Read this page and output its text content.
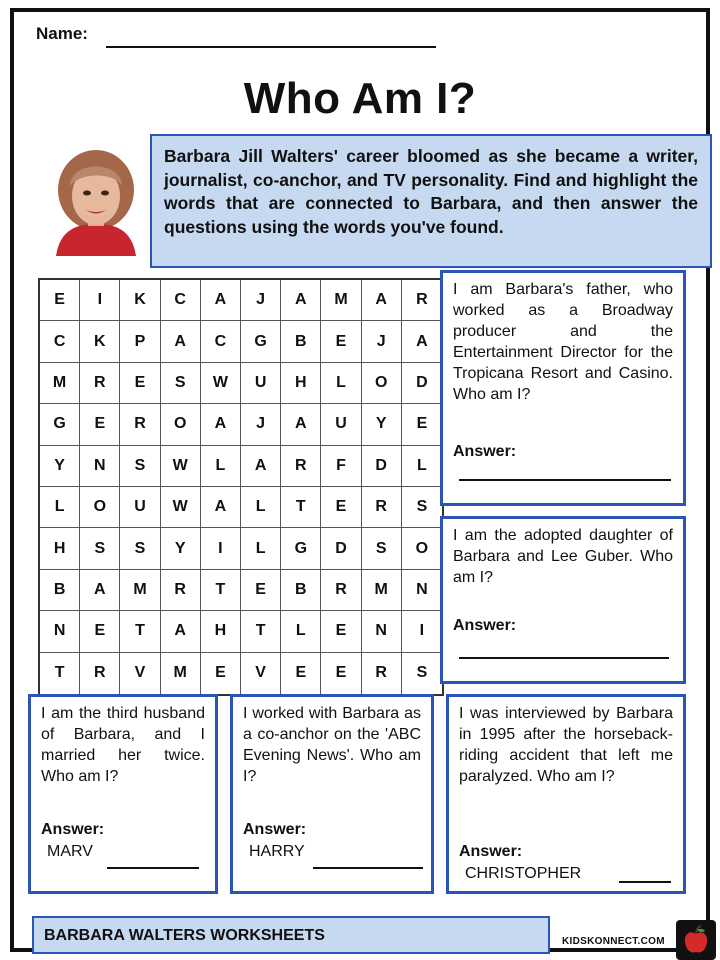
Name:
Who Am I?
Barbara Jill Walters' career bloomed as she became a writer, journalist, co-anchor, and TV personality. Find and highlight the words that are connected to Barbara, and then answer the questions using the words you've found.
E	I	K	C	A	J	A	M	A	R
C	K	P	A	C	G	B	E	J	A
M	R	E	S	W	U	H	L	O	D
G	E	R	O	A	J	A	U	Y	E
Y	N	S	W	L	A	R	F	D	L
L	O	U	W	A	L	T	E	R	S
H	S	S	Y	I	L	G	D	S	O
B	A	M	R	T	E	B	R	M	N
N	E	T	A	H	T	L	E	N	I
T	R	V	M	E	V	E	E	R	S
I am Barbara's father, who worked as a Broadway producer and the Entertainment Director for the Tropicana Resort and Casino. Who am I?
Answer:
I am the adopted daughter of Barbara and Lee Guber. Who am I?
Answer:
I am the third husband of Barbara, and I married her twice. Who am I?
Answer:
MARV
I worked with Barbara as a co-anchor on the 'ABC Evening News'. Who am I?
Answer:
HARRY
I was interviewed by Barbara in 1995 after the horseback-riding accident that left me paralyzed. Who am I?
Answer:
CHRISTOPHER
BARBARA WALTERS WORKSHEETS	KIDSKONNECT.COM
